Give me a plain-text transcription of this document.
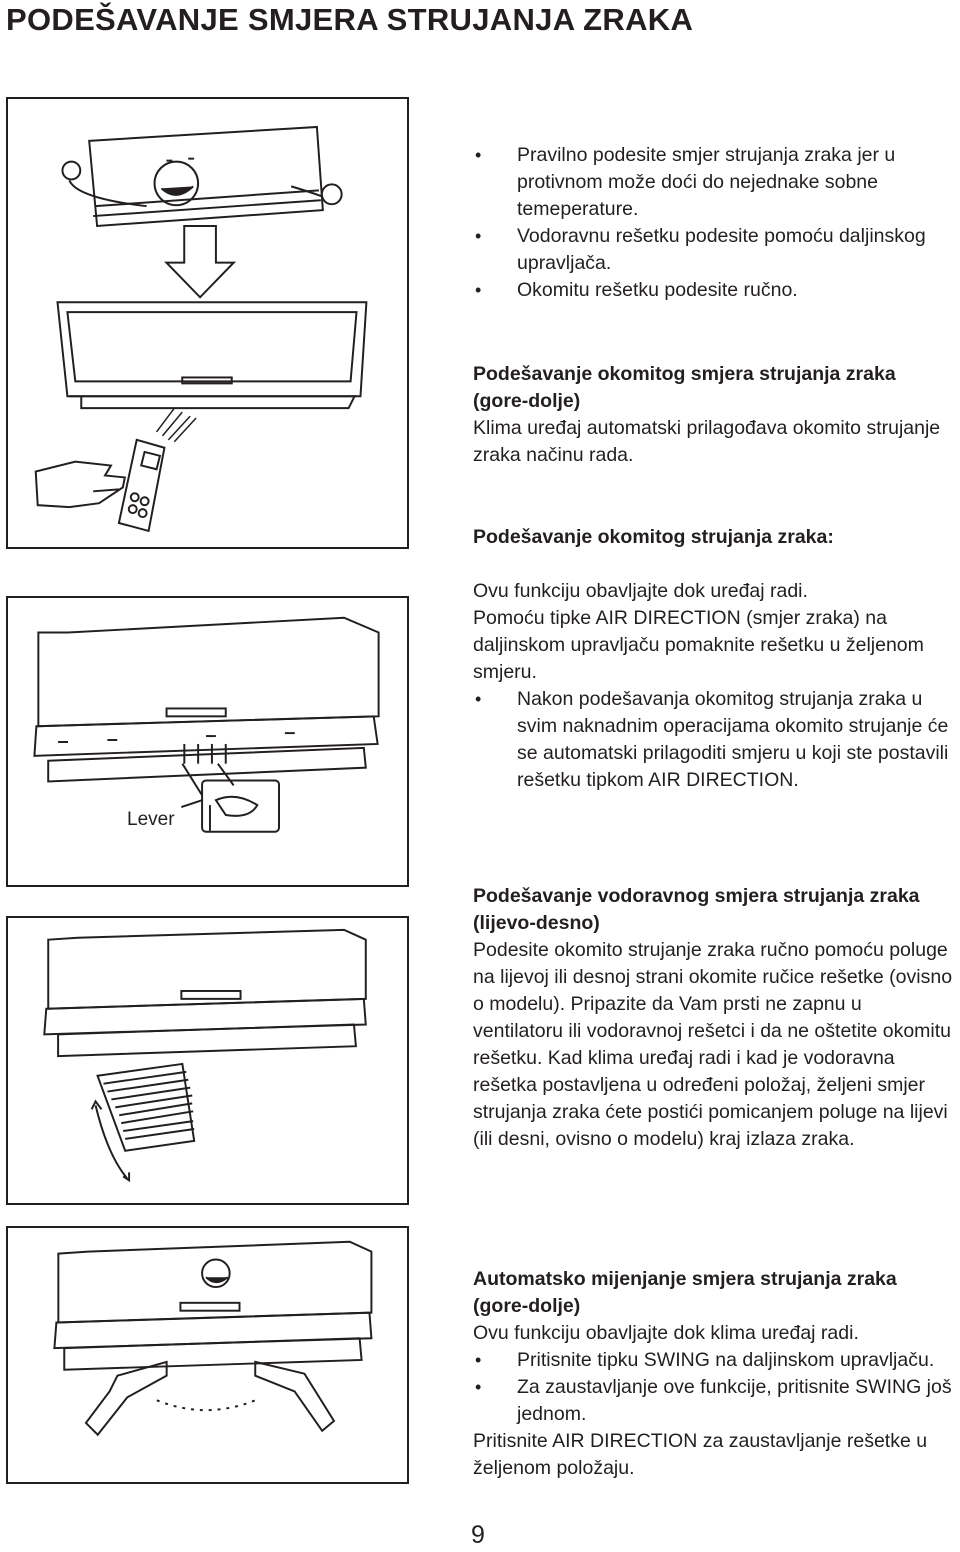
PODEŠAVANJE SMJERA STRUJANJA ZRAKA
Lever
• Pravilno podesite smjer strujanja zraka jer u protivnom može doći do nejednake sobne temeperature.
• Vodoravnu rešetku podesite pomoću daljinskog upravljača.
• Okomitu rešetku podesite ručno.

Podešavanje okomitog smjera strujanja zraka (gore-dolje)

Klima uređaj automatski prilagođava okomito strujanje zraka načinu rada.

Podešavanje okomitog strujanja zraka:

Ovu funkciju obavljajte dok uređaj radi.

Pomoću tipke AIR DIRECTION (smjer zraka) na daljinskom upravljaču pomaknite rešetku u željenom smjeru.

• Nakon podešavanja okomitog strujanja zraka u svim naknadnim operacijama okomito strujanje će se automatski prilagoditi smjeru u koji ste postavili rešetku tipkom AIR DIRECTION.

Podešavanje vodoravnog smjera strujanja zraka (lijevo-desno)

Podesite okomito strujanje zraka ručno pomoću poluge na lijevoj ili desnoj strani okomite ručice rešetke (ovisno o modelu). Pripazite da Vam prsti ne zapnu u ventilatoru ili vodoravnoj rešetci i da ne oštetite okomitu rešetku. Kad klima uređaj radi i kad je vodoravna rešetka postavljena u određeni položaj, željeni smjer strujanja zraka ćete postići pomicanjem poluge na lijevi (ili desni, ovisno o modelu) kraj izlaza zraka.

Automatsko mijenjanje smjera strujanja zraka (gore-dolje)

Ovu funkciju obavljajte dok klima uređaj radi.

• Pritisnite tipku SWING na daljinskom upravljaču.
• Za zaustavljanje ove funkcije, pritisnite SWING još jednom.

Pritisnite AIR DIRECTION za zaustavljanje rešetke u željenom položaju.

9
